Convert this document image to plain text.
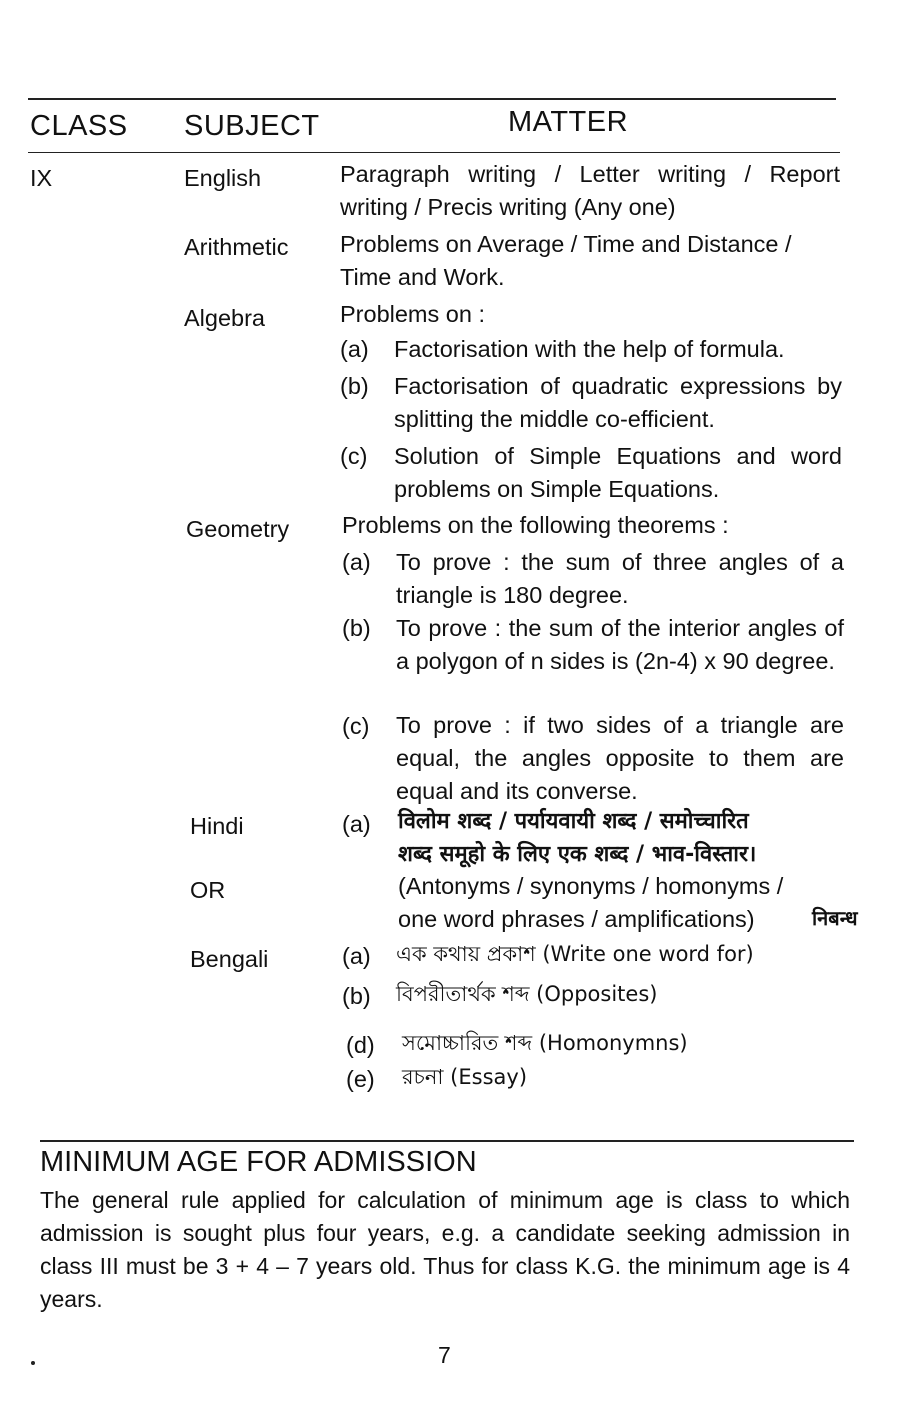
CLASS SUBJECT	MATTER
IX	English	Paragraph writing / Letter writing / Report writing / Precis writing (Any one)
Arithmetic Problems on Average / Time and Distance / Time and Work.
Algebra	Problems on :
(a) Factorisation with the help of formula.
(b) Factorisation of quadratic expressions by splitting the middle co-efficient.
(c) Solution of Simple Equations and word problems on Simple Equations.
Geometry Problems on the following theorems :
(a) To prove : the sum of three angles of a triangle is 180 degree.
(b) To prove : the sum of the interior angles of a polygon of n sides is (2n-4) x 90 degree.
(c) To prove : if two sides of a triangle are equal, the angles opposite to them are equal and its converse.
Hindi	(a) विलोम शब्द / पर्यायवायी शब्द / समोच्चारित
शब्द समूहो के लिए एक शब्द / भाव-विस्तार।
(Antonyms / synonyms / homonyms /
one word phrases / amplifications)	निबन्ध
OR
Bengali	(a) এক কথায় প্রকাশ (Write one word for)
(b) বিপরীতার্থক শব্দ (Opposites)
(d) সমোচ্চারিত শব্দ (Homonymns)
(e) রচনা (Essay)
MINIMUM AGE FOR ADMISSION
The general rule applied for calculation of minimum age is class to which admission is sought plus four years, e.g. a candidate seeking admission in class III must be 3 + 4 – 7 years old. Thus for class K.G. the minimum age is 4 years.
7
